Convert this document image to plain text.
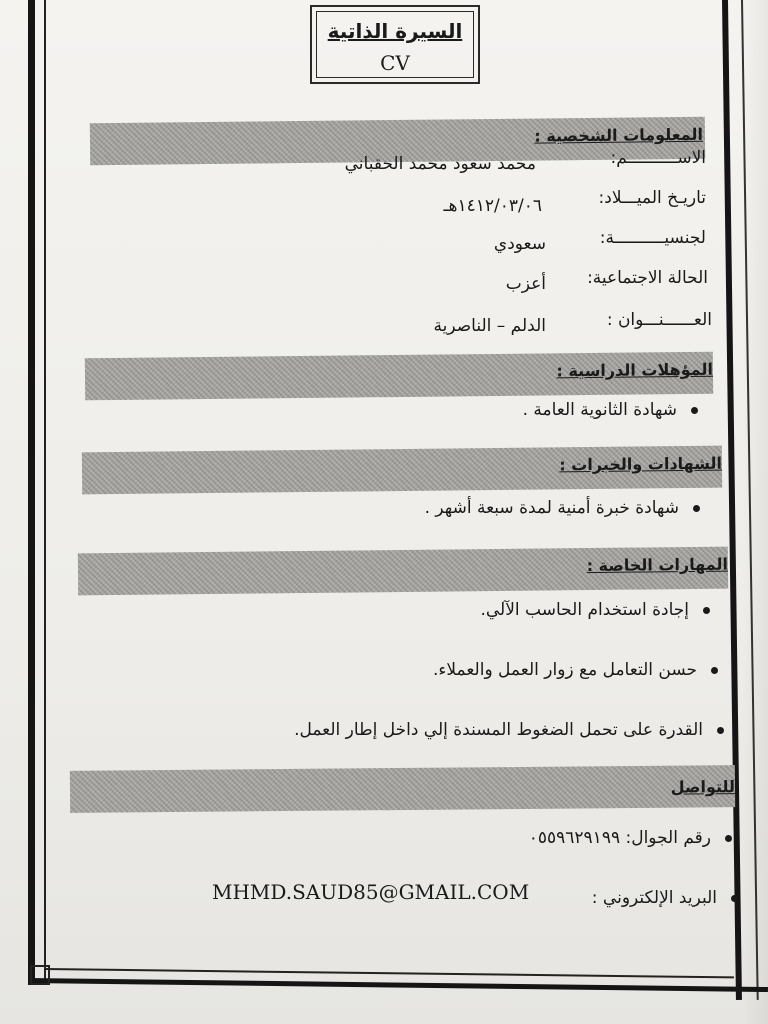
السيرة الذاتية
CV
المعلومات الشخصية :
الاســــــــــم:
محمد سعود محمد الحقباني
تاريـخ الميـــلاد:
١٤١٢/٠٣/٠٦هـ
لجنسيــــــــــة:
سعودي
الحالة الاجتماعية:
أعزب
العــــــنـــوان :
الدلم – الناصرية
المؤهلات الدراسية :
شهادة الثانوية العامة .
الشهادات والخبرات :
شهادة خبرة أمنية لمدة سبعة أشهر .
المهارات الخاصة :
إجادة استخدام الحاسب الآلي.
حسن التعامل مع زوار العمل والعملاء.
القدرة على تحمل الضغوط المسندة إلي داخل إطار العمل.
للتواصل
رقم الجوال: ٠٥٥٩٦٢٩١٩٩
البريد الإلكتروني :
MHMD.SAUD85@GMAIL.COM
